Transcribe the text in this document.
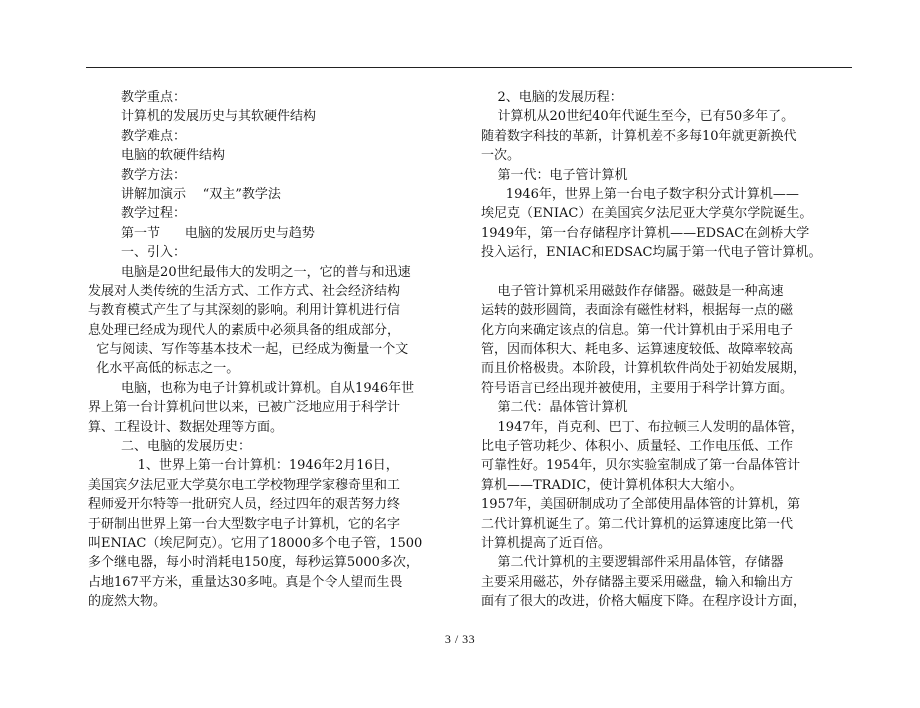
教学重点：
计算机的发展历史与其软硬件结构
教学难点：
电脑的软硬件结构
教学方法：
讲解加演示    “双主”教学法
教学过程：
第一节      电脑的发展历史与趋势
一、引入：
电脑是20世纪最伟大的发明之一，它的普与和迅速
发展对人类传统的生活方式、工作方式、社会经济结构
与教育模式产生了与其深刻的影响。利用计算机进行信
息处理已经成为现代人的素质中必须具备的组成部分，
它与阅读、写作等基本技术一起，已经成为衡量一个文
化水平高低的标志之一。
电脑，也称为电子计算机或计算机。自从1946年世
界上第一台计算机问世以来，已被广泛地应用于科学计
算、工程设计、数据处理等方面。
二、电脑的发展历史：
1、世界上第一台计算机：1946年2月16日，
美国宾夕法尼亚大学莫尔电工学校物理学家穆奇里和工
程师爱开尔特等一批研究人员，经过四年的艰苦努力终
于研制出世界上第一台大型数字电子计算机，它的名字
叫ENIAC（埃尼阿克）。它用了18000多个电子管，1500
多个继电器，每小时消耗电150度，每秒运算5000多次，
占地167平方米，重量达30多吨。真是个令人望而生畏
的庞然大物。
2、电脑的发展历程：
计算机从20世纪40年代诞生至今，已有50多年了。
随着数字科技的革新，计算机差不多每10年就更新换代
一次。
第一代：电子管计算机
1946年，世界上第一台电子数字积分式计算机——
埃尼克（ENIAC）在美国宾夕法尼亚大学莫尔学院诞生。
1949年，第一台存储程序计算机——EDSAC在剑桥大学
投入运行，ENIAC和EDSAC均属于第一代电子管计算机。
电子管计算机采用磁鼓作存储器。磁鼓是一种高速
运转的鼓形圆筒，表面涂有磁性材料，根据每一点的磁
化方向来确定该点的信息。第一代计算机由于采用电子
管，因而体积大、耗电多、运算速度较低、故障率较高
而且价格极贵。本阶段，计算机软件尚处于初始发展期，
符号语言已经出现并被使用，主要用于科学计算方面。
第二代：晶体管计算机
1947年，肖克利、巴丁、布拉顿三人发明的晶体管，
比电子管功耗少、体积小、质量轻、工作电压低、工作
可靠性好。1954年，贝尔实验室制成了第一台晶体管计
算机——TRADIC，使计算机体积大大缩小。
1957年，美国研制成功了全部使用晶体管的计算机，第
二代计算机诞生了。第二代计算机的运算速度比第一代
计算机提高了近百倍。
第二代计算机的主要逻辑部件采用晶体管，存储器
主要采用磁芯，外存储器主要采用磁盘，输入和输出方
面有了很大的改进，价格大幅度下降。在程序设计方面，
3 / 33
